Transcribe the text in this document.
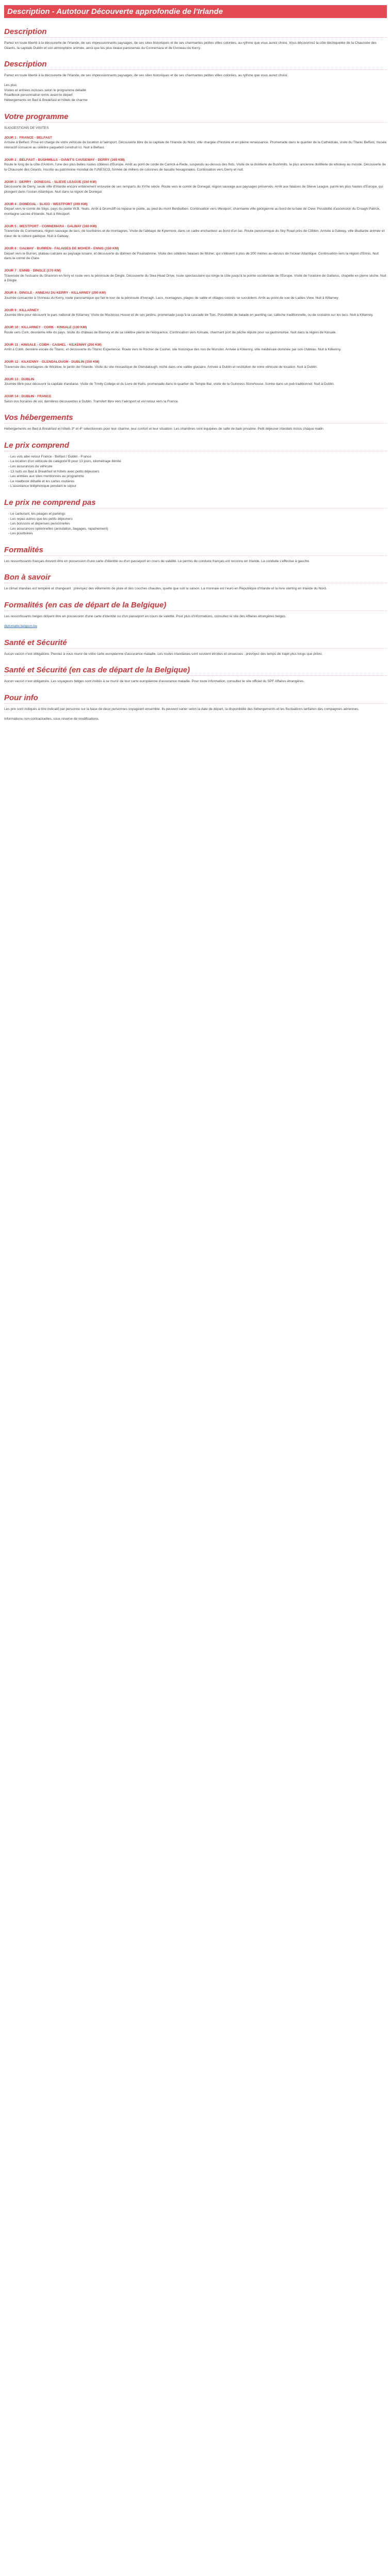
Description - Autotour Découverte approfondie de l'Irlande
Description

Partez en toute liberté à la découverte de l'Irlande, de ses impressionnants paysages, de ses sites historiques et de ses charmantes petites villes colorées, au rythme que vous aurez choisi. Vous découvrirez la côte déchiquetée de la Chaussée des Géants, la capitale Dublin et son atmosphère animée, ainsi que les plus beaux panoramas du Connemara et de l'Anneau du Kerry.

Description

Partez en toute liberté à la découverte de l'Irlande, de ses impressionnants paysages, de ses sites historiques et de ses charmantes petites villes colorées, au rythme que vous aurez choisi.

Les plus

Visites et entrées incluses selon le programme détaillé

Roadbook personnalisé remis avant le départ

Hébergements en Bed & Breakfast et hôtels de charme

Votre programme

SUGGESTIONS DE VISITES

JOUR 1 : FRANCE - BELFAST

Arrivée à Belfast. Prise en charge de votre véhicule de location à l'aéroport. Découverte libre de la capitale de l'Irlande du Nord, ville chargée d'histoire et en pleine renaissance. Promenade dans le quartier de la Cathédrale, visite du Titanic Belfast, musée interactif consacré au célèbre paquebot construit ici. Nuit à Belfast.

JOUR 2 : BELFAST - BUSHMILLS - GIANT'S CAUSEWAY - DERRY (165 KM)

Route le long de la côte d'Antrim, l'une des plus belles routes côtières d'Europe. Arrêt au pont de corde de Carrick-a-Rede, suspendu au-dessus des flots. Visite de la distillerie de Bushmills, la plus ancienne distillerie de whiskey au monde. Découverte de la Chaussée des Géants, inscrite au patrimoine mondial de l'UNESCO, formée de milliers de colonnes de basalte hexagonales. Continuation vers Derry et nuit.

JOUR 3 : DERRY - DONEGAL - SLIEVE LEAGUE (150 KM)

Découverte de Derry, seule ville d'Irlande encore entièrement entourée de ses remparts du XVIIe siècle. Route vers le comté de Donegal, région sauvage aux paysages préservés. Arrêt aux falaises de Slieve League, parmi les plus hautes d'Europe, qui plongent dans l'océan Atlantique. Nuit dans la région de Donegal.

JOUR 4 : DONEGAL - SLIGO - WESTPORT (200 KM)

Départ vers le comté de Sligo, pays du poète W.B. Yeats. Arrêt à Drumcliff où repose le poète, au pied du mont Benbulben. Continuation vers Westport, charmante ville géorgienne au bord de la baie de Clew. Possibilité d'ascension du Croagh Patrick, montagne sacrée d'Irlande. Nuit à Westport.

JOUR 5 : WESTPORT - CONNEMARA - GALWAY (160 KM)

Traversée du Connemara, région sauvage de lacs, de tourbières et de montagnes. Visite de l'abbaye de Kylemore, dans un cadre enchanteur au bord d'un lac. Route panoramique du Sky Road près de Clifden. Arrivée à Galway, ville étudiante animée et cœur de la culture gaélique. Nuit à Galway.

JOUR 6 : GALWAY - BURREN - FALAISES DE MOHER - ENNIS (150 KM)

Départ vers le Burren, plateau calcaire au paysage lunaire, et découverte du dolmen de Poulnabrone. Visite des célèbres falaises de Moher, qui s'élèvent à plus de 200 mètres au-dessus de l'océan Atlantique. Continuation vers la région d'Ennis. Nuit dans le comté de Clare.

JOUR 7 : ENNIS - DINGLE (170 KM)

Traversée de l'estuaire du Shannon en ferry et route vers la péninsule de Dingle. Découverte du Slea Head Drive, route spectaculaire qui longe la côte jusqu'à la pointe occidentale de l'Europe. Visite de l'oratoire de Gallarus, chapelle en pierre sèche. Nuit à Dingle.

JOUR 8 : DINGLE - ANNEAU DU KERRY - KILLARNEY (200 KM)

Journée consacrée à l'Anneau du Kerry, route panoramique qui fait le tour de la péninsule d'Iveragh. Lacs, montagnes, plages de sable et villages colorés se succèdent. Arrêt au point de vue de Ladies View. Nuit à Killarney.

JOUR 9 : KILLARNEY

Journée libre pour découvrir le parc national de Killarney. Visite de Muckross House et de ses jardins, promenade jusqu'à la cascade de Torc. Possibilité de balade en jaunting car, calèche traditionnelle, ou de croisière sur les lacs. Nuit à Killarney.

JOUR 10 : KILLARNEY - CORK - KINSALE (130 KM)

Route vers Cork, deuxième ville du pays. Visite du château de Blarney et de sa célèbre pierre de l'éloquence. Continuation vers Kinsale, charmant port de pêche réputé pour sa gastronomie. Nuit dans la région de Kinsale.

JOUR 11 : KINSALE - COBH - CASHEL - KILKENNY (200 KM)

Arrêt à Cobh, dernière escale du Titanic, et découverte du Titanic Experience. Route vers le Rocher de Cashel, site historique des rois de Munster. Arrivée à Kilkenny, ville médiévale dominée par son château. Nuit à Kilkenny.

JOUR 12 : KILKENNY - GLENDALOUGH - DUBLIN (150 KM)

Traversée des montagnes de Wicklow, le jardin de l'Irlande. Visite du site monastique de Glendalough, niché dans une vallée glaciaire. Arrivée à Dublin et restitution de votre véhicule de location. Nuit à Dublin.

JOUR 13 : DUBLIN

Journée libre pour découvrir la capitale irlandaise. Visite de Trinity College et du Livre de Kells, promenade dans le quartier de Temple Bar, visite de la Guinness Storehouse. Soirée dans un pub traditionnel. Nuit à Dublin.

JOUR 14 : DUBLIN - FRANCE

Selon vos horaires de vol, dernières découvertes à Dublin. Transfert libre vers l'aéroport et vol retour vers la France.

Vos hébergements

Hébergements en Bed & Breakfast et hôtels 3* et 4* sélectionnés pour leur charme, leur confort et leur situation. Les chambres sont équipées de salle de bain privative. Petit déjeuner irlandais inclus chaque matin.

Le prix comprend
- Les vols aller-retour France - Belfast / Dublin - France
- La location d'un véhicule de catégorie B pour 13 jours, kilométrage illimité
- Les assurances du véhicule
- 13 nuits en Bed & Breakfast et hôtels avec petits déjeuners
- Les entrées aux sites mentionnés au programme
- Le roadbook détaillé et les cartes routières
- L'assistance téléphonique pendant le séjour
Le prix ne comprend pas
- Le carburant, les péages et parkings
- Les repas autres que les petits déjeuners
- Les boissons et dépenses personnelles
- Les assurances optionnelles (annulation, bagages, rapatriement)
- Les pourboires
Formalités

Les ressortissants français doivent être en possession d'une carte d'identité ou d'un passeport en cours de validité. Le permis de conduire français est reconnu en Irlande. La conduite s'effectue à gauche.

Bon à savoir

Le climat irlandais est tempéré et changeant : prévoyez des vêtements de pluie et des couches chaudes, quelle que soit la saison. La monnaie est l'euro en République d'Irlande et la livre sterling en Irlande du Nord.

Formalités (en cas de départ de la Belgique)

Les ressortissants belges doivent être en possession d'une carte d'identité ou d'un passeport en cours de validité. Pour plus d'informations, consultez le site des Affaires étrangères belges.

diplomatie.belgium.be

Santé et Sécurité

Aucun vaccin n'est obligatoire. Pensez à vous munir de votre carte européenne d'assurance maladie. Les routes irlandaises sont souvent étroites et sinueuses : prévoyez des temps de trajet plus longs que prévu.

Santé et Sécurité (en cas de départ de la Belgique)

Aucun vaccin n'est obligatoire. Les voyageurs belges sont invités à se munir de leur carte européenne d'assurance maladie. Pour toute information, consultez le site officiel du SPF Affaires étrangères.

Pour info

Les prix sont indiqués à titre indicatif par personne sur la base de deux personnes voyageant ensemble. Ils peuvent varier selon la date de départ, la disponibilité des hébergements et les fluctuations tarifaires des compagnies aériennes.

Informations non contractuelles, sous réserve de modifications.
